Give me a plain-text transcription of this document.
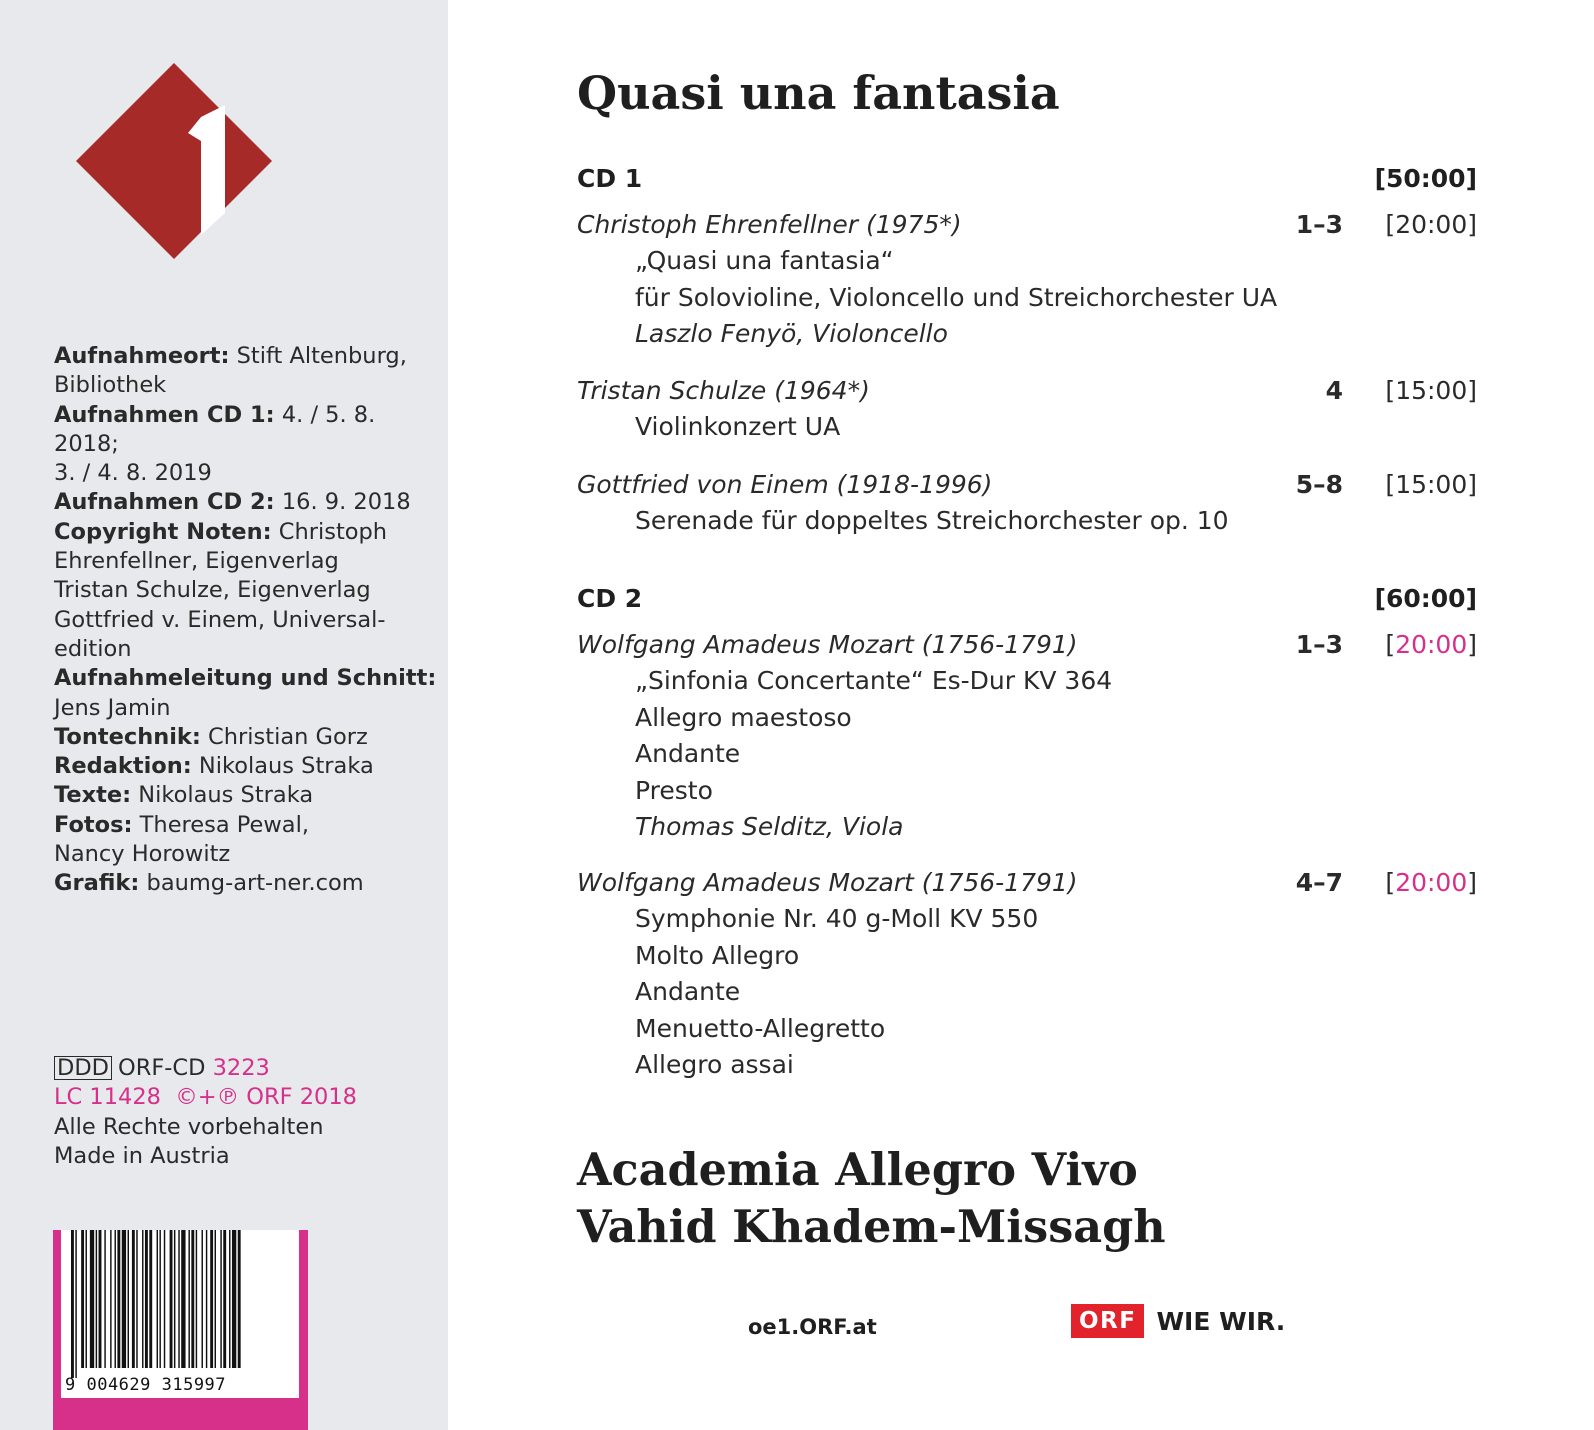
Aufnahmeort: Stift Altenburg,
Bibliothek
Aufnahmen CD 1: 4. / 5. 8. 2018;
3. / 4. 8. 2019
Aufnahmen CD 2: 16. 9. 2018
Copyright Noten: Christoph
Ehrenfellner, Eigenverlag
Tristan Schulze, Eigenverlag
Gottfried v. Einem, Universal-
edition
Aufnahmeleitung und Schnitt:
Jens Jamin
Tontechnik: Christian Gorz
Redaktion: Nikolaus Straka
Texte: Nikolaus Straka
Fotos: Theresa Pewal,
Nancy Horowitz
Grafik: baumg-art-ner.com
DDD ORF-CD 3223
LC 11428 ©+℗ ORF 2018
Alle Rechte vorbehalten
Made in Austria
9 004629 315997
Quasi una fantasia
CD 1	[50:00]
Christoph Ehrenfellner (1975*)	1–3 [20:00]
„Quasi una fantasia“
für Solovioline, Violoncello und Streichorchester UA
Laszlo Fenyö, Violoncello
Tristan Schulze (1964*)	4 [15:00]
Violinkonzert UA
Gottfried von Einem (1918-1996)	5–8 [15:00]
Serenade für doppeltes Streichorchester op. 10
CD 2	[60:00]
Wolfgang Amadeus Mozart (1756-1791)	1–3 [20:00]
„Sinfonia Concertante“ Es-Dur KV 364
Allegro maestoso
Andante
Presto
Thomas Selditz, Viola
Wolfgang Amadeus Mozart (1756-1791)	4–7 [20:00]
Symphonie Nr. 40 g-Moll KV 550
Molto Allegro
Andante
Menuetto-Allegretto
Allegro assai
Academia Allegro Vivo
Vahid Khadem-Missagh
oe1.ORF.at	ORF WIE WIR.
